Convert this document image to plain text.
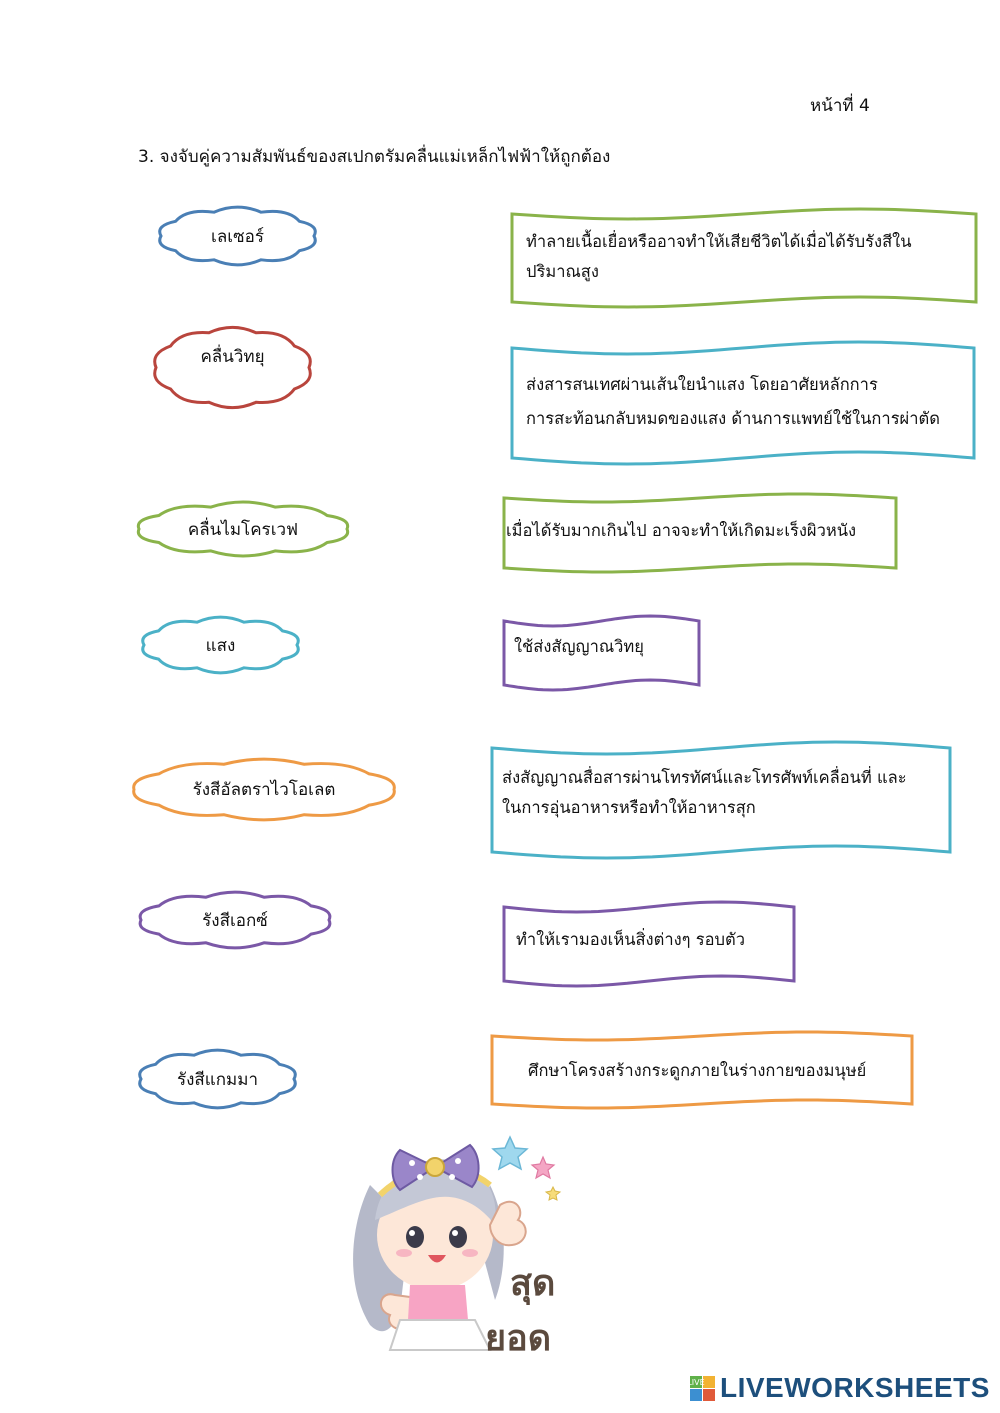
หน้าที่ 4
3. จงจับคู่ความสัมพันธ์ของสเปกตรัมคลื่นแม่เหล็กไฟฟ้าให้ถูกต้อง
เลเซอร์
คลื่นวิทยุ
คลื่นไมโครเวฟ
แสง
รังสีอัลตราไวโอเลต
รังสีเอกซ์
รังสีแกมมา
ทำลายเนื้อเยื่อหรืออาจทำให้เสียชีวิตได้เมื่อได้รับรังสีใน
ปริมาณสูง
ส่งสารสนเทศผ่านเส้นใยนำแสง โดยอาศัยหลักการ
การสะท้อนกลับหมดของแสง ด้านการแพทย์ใช้ในการผ่าตัด
เมื่อได้รับมากเกินไป อาจจะทำให้เกิดมะเร็งผิวหนัง
ใช้ส่งสัญญาณวิทยุ
ส่งสัญญาณสื่อสารผ่านโทรทัศน์และโทรศัพท์เคลื่อนที่ และ
ในการอุ่นอาหารหรือทำให้อาหารสุก
ทำให้เรามองเห็นสิ่งต่างๆ รอบตัว
ศึกษาโครงสร้างกระดูกภายในร่างกายของมนุษย์
สุด
ยอด
LIVE LIVEWORKSHEETS
